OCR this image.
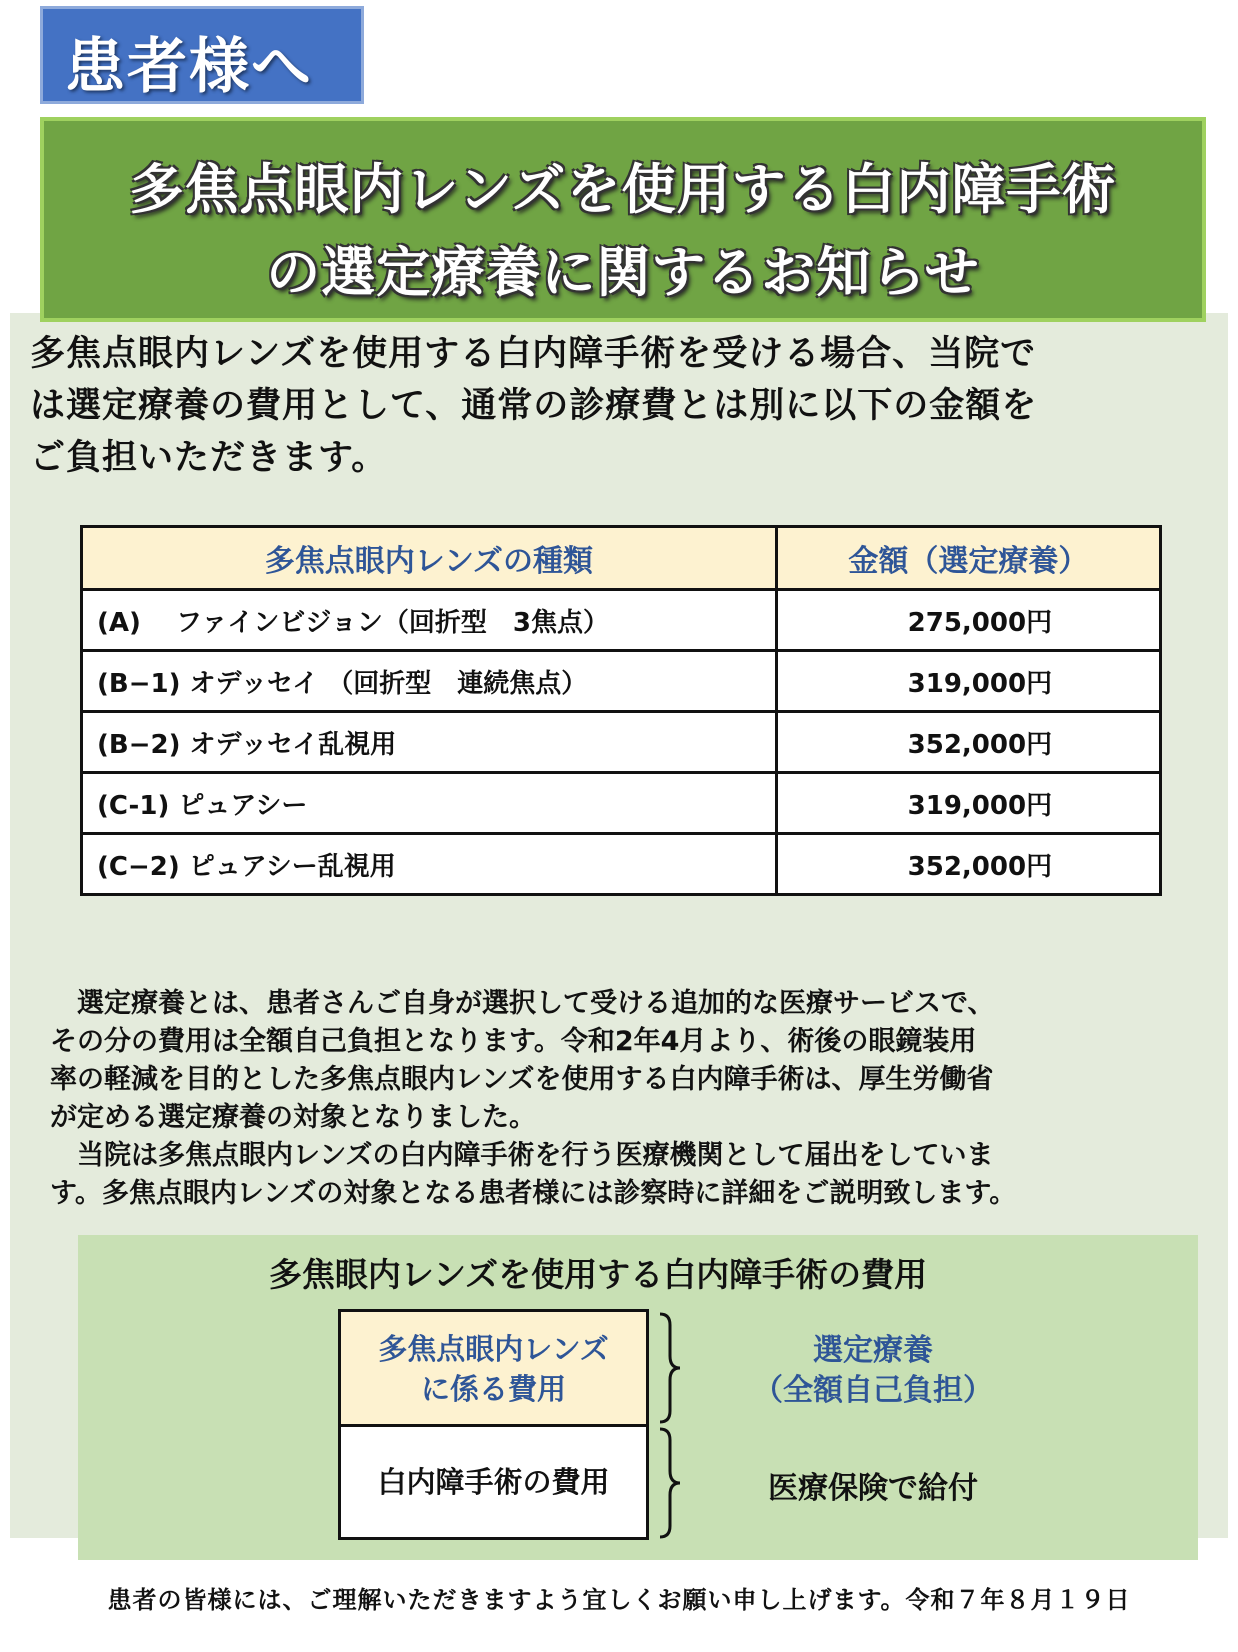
患者様へ
多焦点眼内レンズを使用する白内障手術
の選定療養に関するお知らせ
多焦点眼内レンズを使用する白内障手術を受ける場合、当院で
は選定療養の費用として、通常の診療費とは別に以下の金額を
ご負担いただきます。
多焦点眼内レンズの種類	金額（選定療養）
(A)　 ファインビジョン（回折型　3焦点）	275,000円
(B−1) オデッセイ （回折型　連続焦点）	319,000円
(B−2) オデッセイ乱視用	352,000円
(C-1) ピュアシー	319,000円
(C−2) ピュアシー乱視用	352,000円
　選定療養とは、患者さんご自身が選択して受ける追加的な医療サービスで、
その分の費用は全額自己負担となります。令和2年4月より、術後の眼鏡装用
率の軽減を目的とした多焦点眼内レンズを使用する白内障手術は、厚生労働省
が定める選定療養の対象となりました。
　当院は多焦点眼内レンズの白内障手術を行う医療機関として届出をしていま
す。多焦点眼内レンズの対象となる患者様には診察時に詳細をご説明致します。
多焦眼内レンズを使用する白内障手術の費用
多焦点眼内レンズ
に係る費用
白内障手術の費用
選定療養
（全額自己負担）
医療保険で給付
患者の皆様には、ご理解いただきますよう宜しくお願い申し上げます。令和７年８月１９日
